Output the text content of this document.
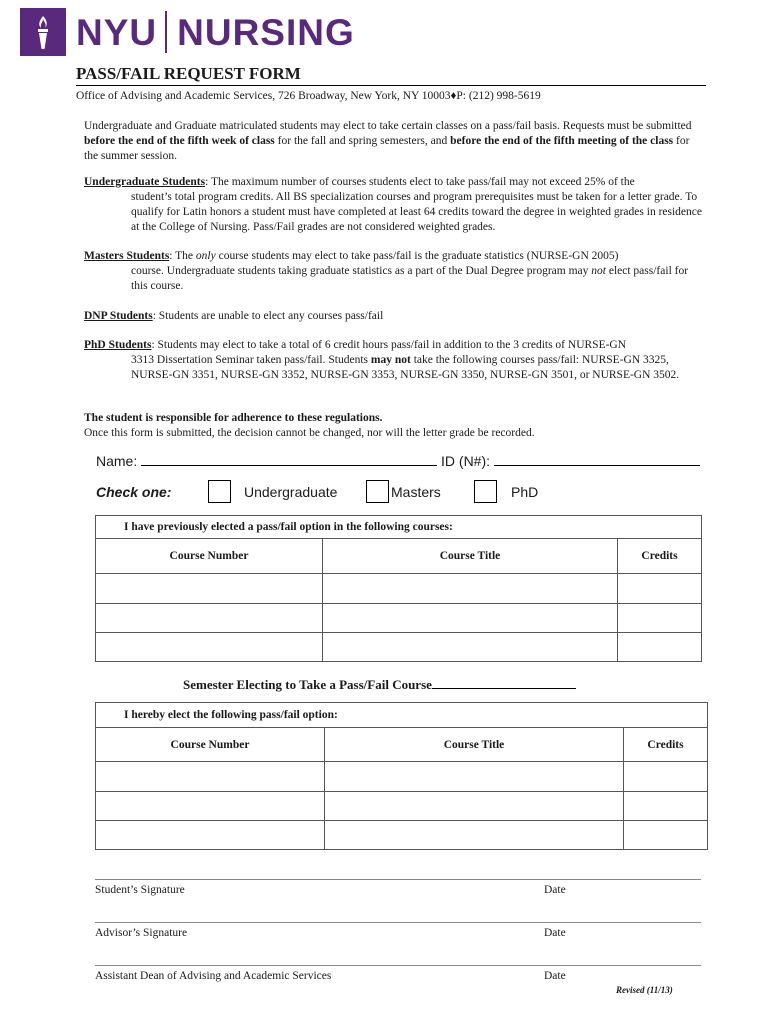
NYU NURSING
PASS/FAIL REQUEST FORM
Office of Advising and Academic Services, 726 Broadway, New York, NY 10003♦P: (212) 998-5619
Undergraduate and Graduate matriculated students may elect to take certain classes on a pass/fail basis. Requests must be submitted before the end of the fifth week of class for the fall and spring semesters, and before the end of the fifth meeting of the class for the summer session.
Undergraduate Students: The maximum number of courses students elect to take pass/fail may not exceed 25% of the
student’s total program credits. All BS specialization courses and program prerequisites must be taken for a letter grade. To qualify for Latin honors a student must have completed at least 64 credits toward the degree in weighted grades in residence at the College of Nursing. Pass/Fail grades are not considered weighted grades.
Masters Students: The only course students may elect to take pass/fail is the graduate statistics (NURSE-GN 2005)
course. Undergraduate students taking graduate statistics as a part of the Dual Degree program may not elect pass/fail for this course.
DNP Students: Students are unable to elect any courses pass/fail
PhD Students: Students may elect to take a total of 6 credit hours pass/fail in addition to the 3 credits of NURSE-GN
3313 Dissertation Seminar taken pass/fail. Students may not take the following courses pass/fail: NURSE-GN 3325, NURSE-GN 3351, NURSE-GN 3352, NURSE-GN 3353, NURSE-GN 3350, NURSE-GN 3501, or NURSE-GN 3502.
The student is responsible for adherence to these regulations.
Once this form is submitted, the decision cannot be changed, nor will the letter grade be recorded.
Name:	ID (N#):
Check one:	Undergraduate	Masters	PhD
I have previously elected a pass/fail option in the following courses:		
Course Number	Course Title	Credits

Semester Electing to Take a Pass/Fail Course
I hereby elect the following pass/fail option:		
Course Number	Course Title	Credits

Student’s Signature	Date
Advisor’s Signature	Date
Assistant Dean of Advising and Academic Services	Date
Revised (11/13)
